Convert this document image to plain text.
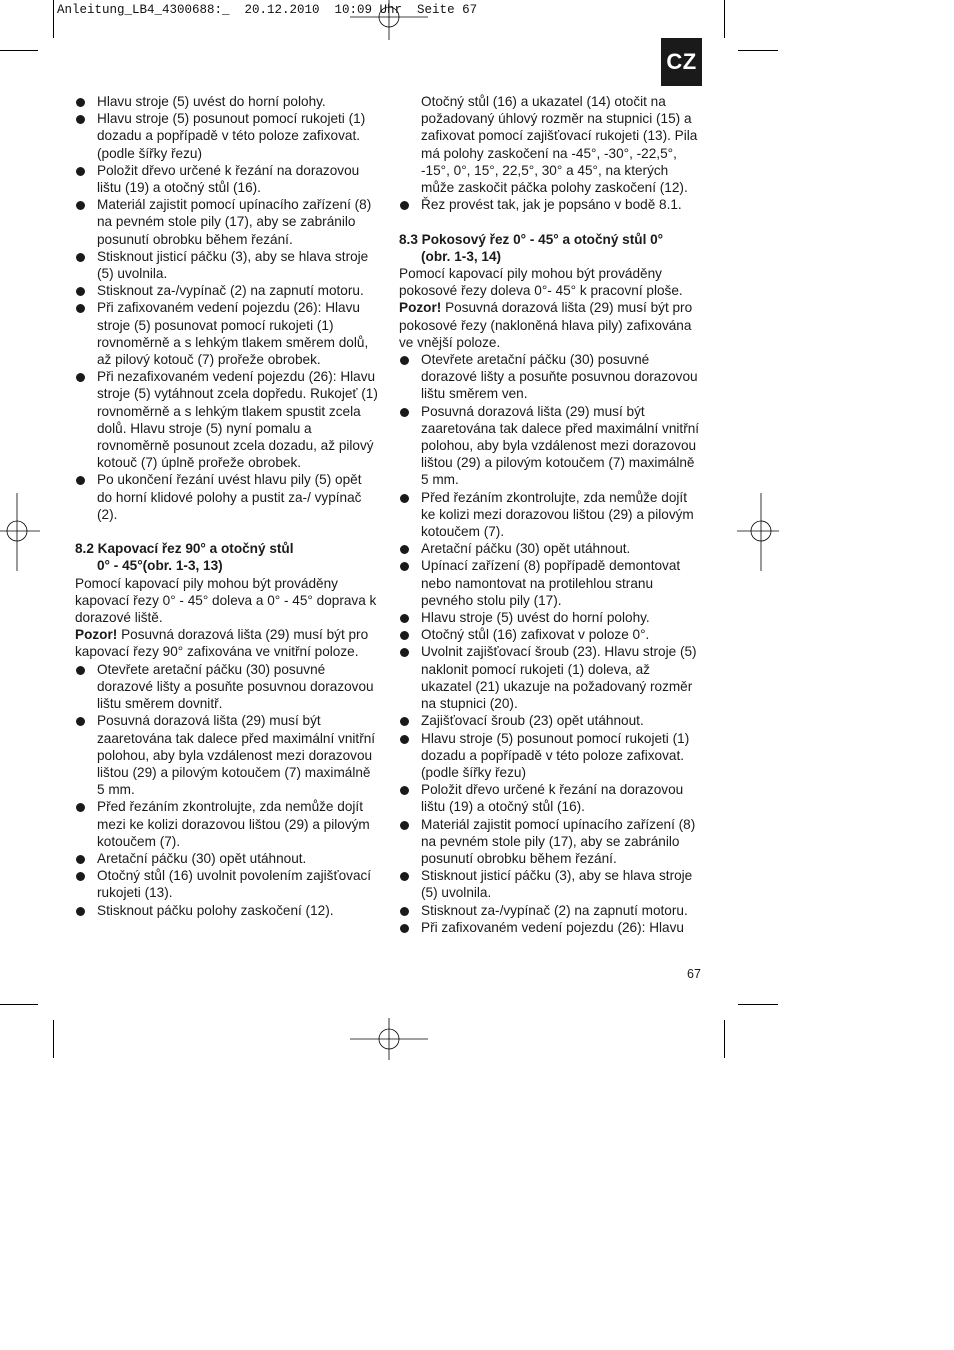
Anleitung_LB4_4300688:_  20.12.2010  10:09 Uhr  Seite 67
CZ

Hlavu stroje (5) uvést do horní polohy.

Hlavu stroje (5) posunout pomocí rukojeti (1) dozadu a popřípadě v této poloze zafixovat. (podle šířky řezu)

Položit dřevo určené k řezání na dorazovou lištu (19) a otočný stůl (16).

Materiál zajistit pomocí upínacího zařízení (8) na pevném stole pily (17), aby se zabránilo posunutí obrobku během řezání.

Stisknout jisticí páčku (3), aby se hlava stroje (5) uvolnila.

Stisknout za-/vypínač (2) na zapnutí motoru.

Při zafixovaném vedení pojezdu (26): Hlavu stroje (5) posunovat pomocí rukojeti (1) rovnoměrně a s lehkým tlakem směrem dolů, až pilový kotouč (7) prořeže obrobek.

Při nezafixovaném vedení pojezdu (26): Hlavu stroje (5) vytáhnout zcela dopředu. Rukojeť (1) rovnoměrně a s lehkým tlakem spustit zcela dolů. Hlavu stroje (5) nyní pomalu a rovnoměrně posunout zcela dozadu, až pilový kotouč (7) úplně prořeže obrobek.

Po ukončení řezání uvést hlavu pily (5) opět do horní klidové polohy a pustit za-/ vypínač (2).

8.2 Kapovací řez 90° a otočný stůl

0° - 45°(obr. 1-3, 13)

Pomocí kapovací pily mohou být prováděny kapovací řezy 0° - 45° doleva a 0° - 45° doprava k dorazové liště.

Pozor! Posuvná dorazová lišta (29) musí být pro kapovací řezy 90° zafixována ve vnitřní poloze.

Otevřete aretační páčku (30) posuvné dorazové lišty a posuňte posuvnou dorazovou lištu směrem dovnitř.

Posuvná dorazová lišta (29) musí být zaaretována tak dalece před maximální vnitřní polohou, aby byla vzdálenost mezi dorazovou lištou (29) a pilovým kotoučem (7) maximálně 5 mm.

Před řezáním zkontrolujte, zda nemůže dojít mezi ke kolizi dorazovou lištou (29) a pilovým kotoučem (7).

Aretační páčku (30) opět utáhnout.

Otočný stůl (16) uvolnit povolením zajišťovací rukojeti (13).

Stisknout páčku polohy zaskočení (12).

Otočný stůl (16) a ukazatel (14) otočit na požadovaný úhlový rozměr na stupnici (15) a zafixovat pomocí zajišťovací rukojeti (13). Pila má polohy zaskočení na -45°, -30°, -22,5°, -15°, 0°, 15°, 22,5°, 30° a 45°, na kterých může zaskočit páčka polohy zaskočení (12).

Řez provést tak, jak je popsáno v bodě 8.1.

8.3 Pokosový řez 0° - 45° a otočný stůl 0°

(obr. 1-3, 14)

Pomocí kapovací pily mohou být prováděny pokosové řezy doleva 0°- 45° k pracovní ploše.

Pozor! Posuvná dorazová lišta (29) musí být pro pokosové řezy (nakloněná hlava pily) zafixována ve vnější poloze.

Otevřete aretační páčku (30) posuvné dorazové lišty a posuňte posuvnou dorazovou lištu směrem ven.

Posuvná dorazová lišta (29) musí být zaaretována tak dalece před maximální vnitřní polohou, aby byla vzdálenost mezi dorazovou lištou (29) a pilovým kotoučem (7) maximálně 5 mm.

Před řezáním zkontrolujte, zda nemůže dojít ke kolizi mezi dorazovou lištou (29) a pilovým kotoučem (7).

Aretační páčku (30) opět utáhnout.

Upínací zařízení (8) popřípadě demontovat nebo namontovat na protilehlou stranu pevného stolu pily (17).

Hlavu stroje (5) uvést do horní polohy.

Otočný stůl (16) zafixovat v poloze 0°.

Uvolnit zajišťovací šroub (23). Hlavu stroje (5) naklonit pomocí rukojeti (1) doleva, až ukazatel (21) ukazuje na požadovaný rozměr na stupnici (20).

Zajišťovací šroub (23) opět utáhnout.

Hlavu stroje (5) posunout pomocí rukojeti (1) dozadu a popřípadě v této poloze zafixovat. (podle šířky řezu)

Položit dřevo určené k řezání na dorazovou lištu (19) a otočný stůl (16).

Materiál zajistit pomocí upínacího zařízení (8) na pevném stole pily (17), aby se zabránilo posunutí obrobku během řezání.

Stisknout jisticí páčku (3), aby se hlava stroje (5) uvolnila.

Stisknout za-/vypínač (2) na zapnutí motoru.

Při zafixovaném vedení pojezdu (26): Hlavu

67
